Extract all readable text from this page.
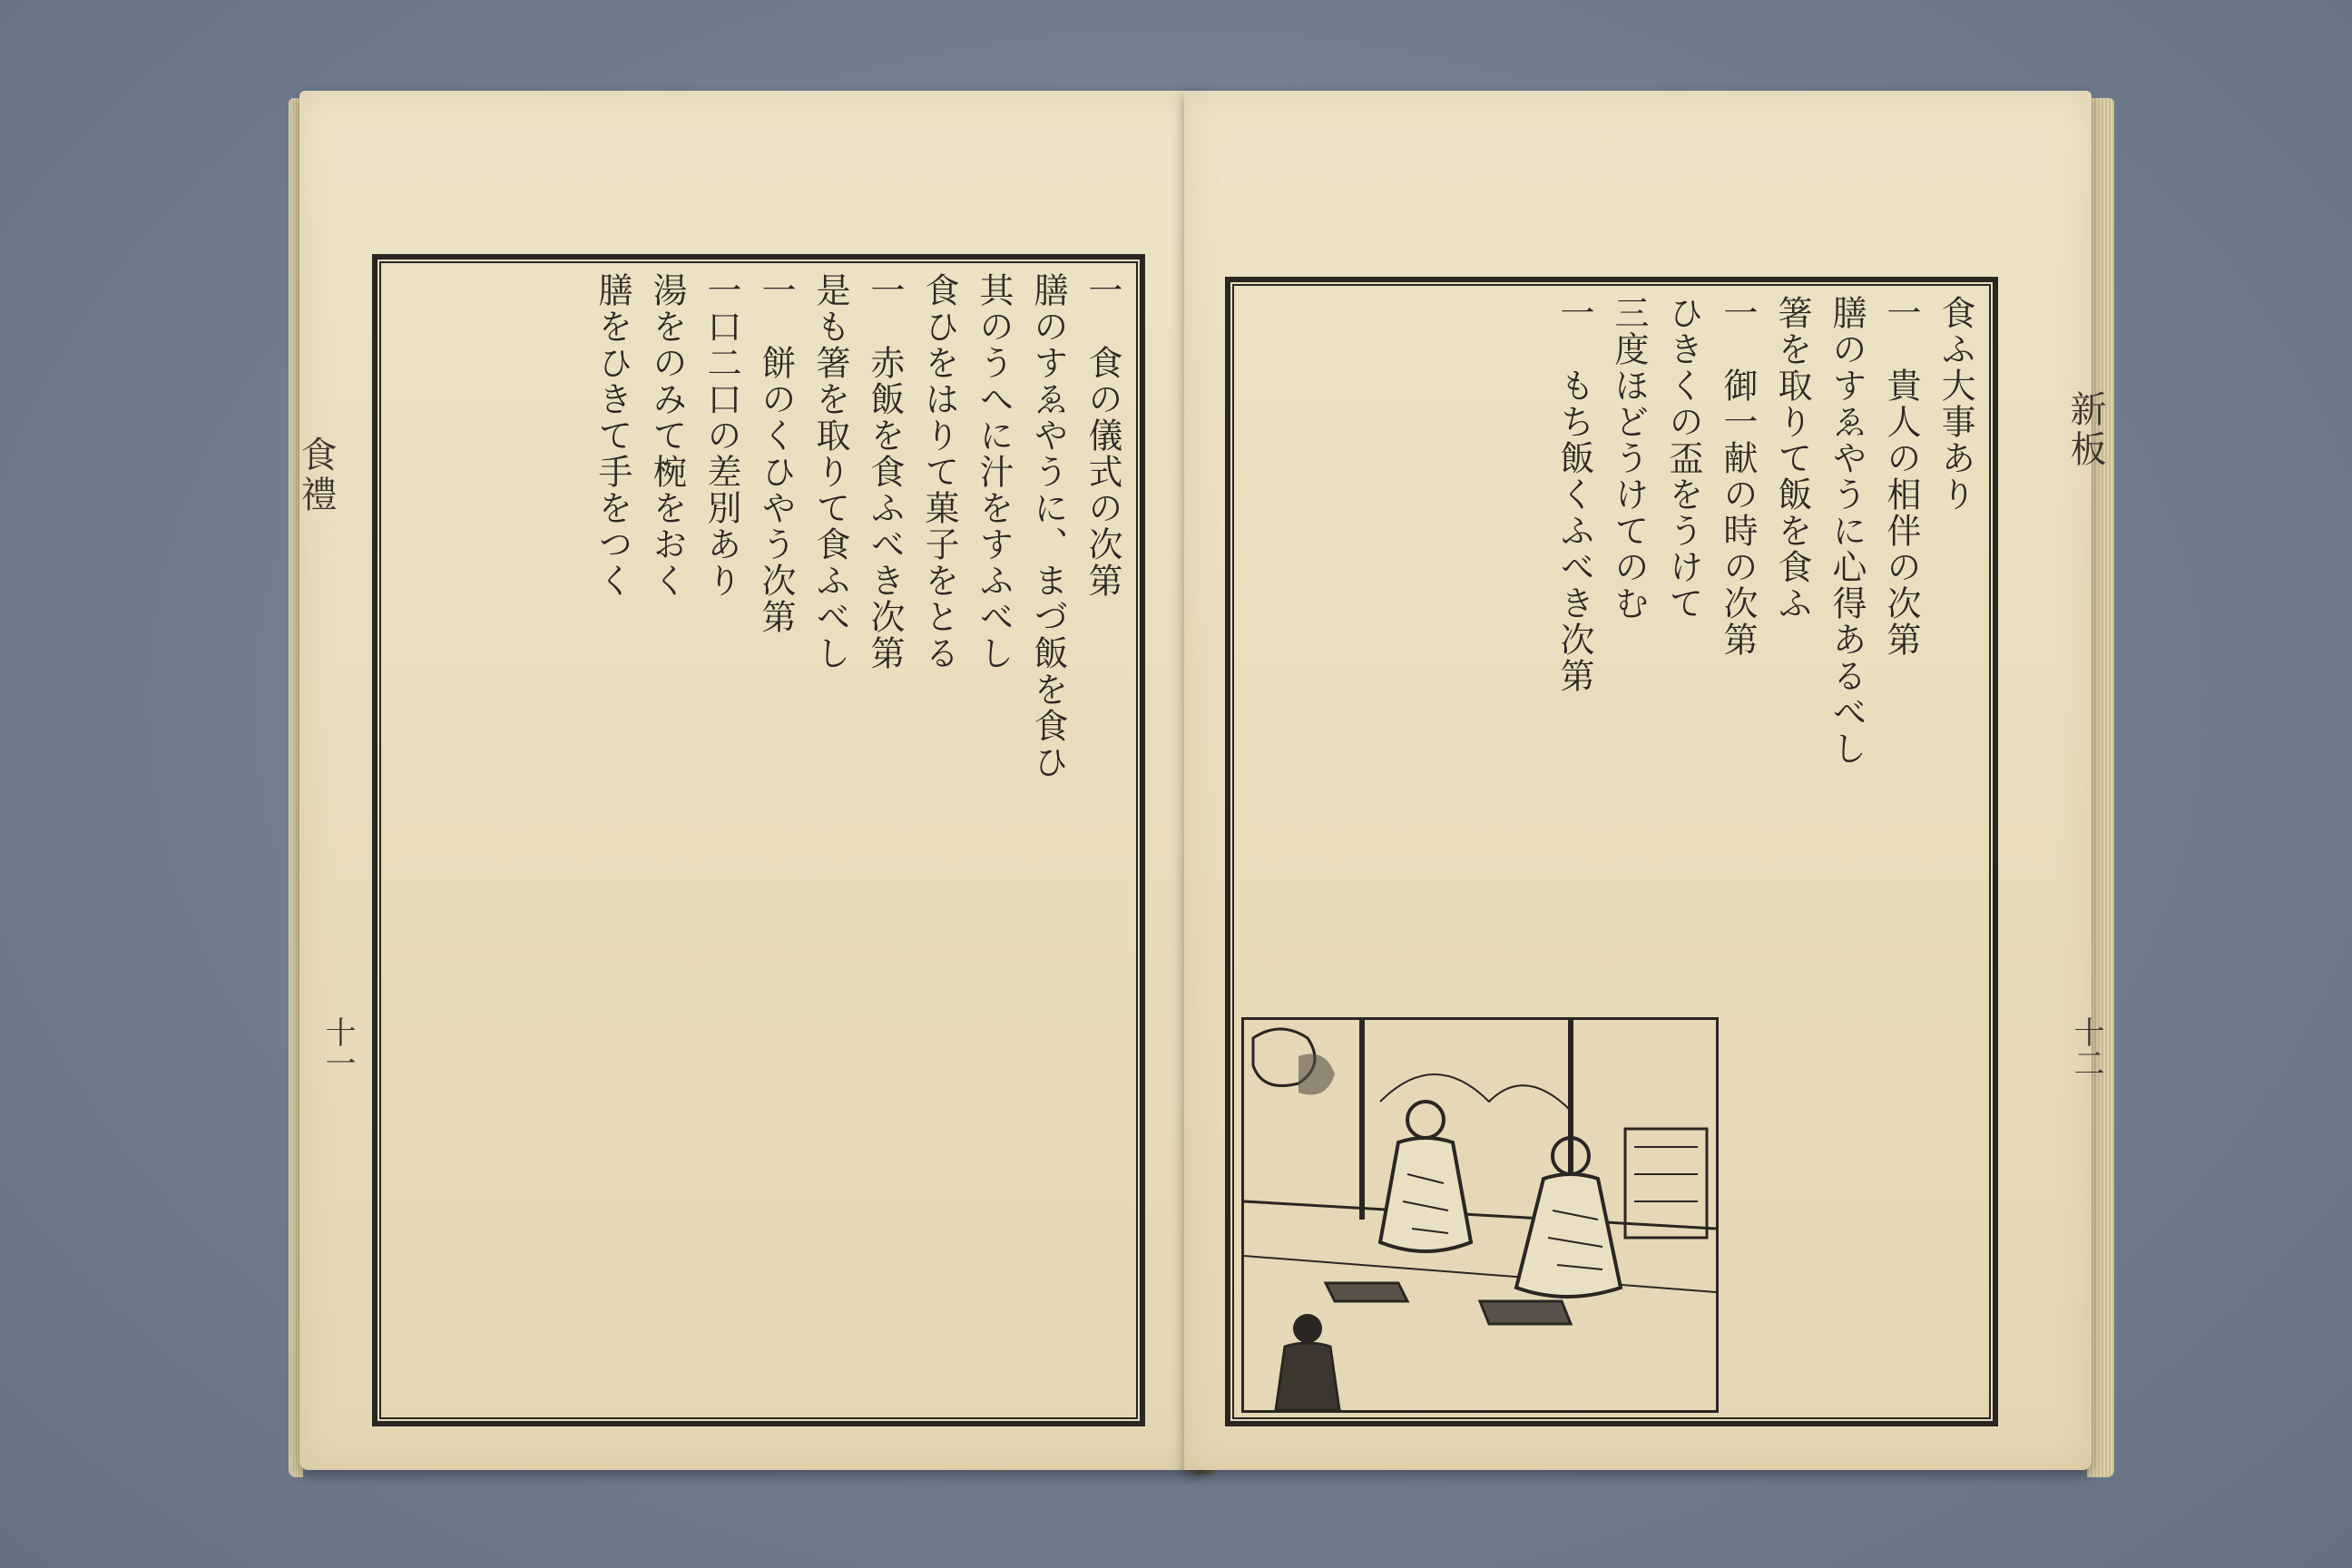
食禮	一　食の儀式の次第
膳のすゑやうに、まづ飯を食ひ
其のうへに汁をすふべし
食ひをはりて菓子をとる
一　赤飯を食ふべき次第
是も箸を取りて食ふべし
一　餅のくひやう次第
一口二口の差別あり
湯をのみて椀をおく
膳をひきて手をつく
十一
食ふ大事あり
一　貴人の相伴の次第
膳のすゑやうに心得あるべし
箸を取りて飯を食ふ
一　御一献の時の次第
ひきくの盃をうけて
三度ほどうけてのむ
一　もち飯くふべき次第	新板
十二
